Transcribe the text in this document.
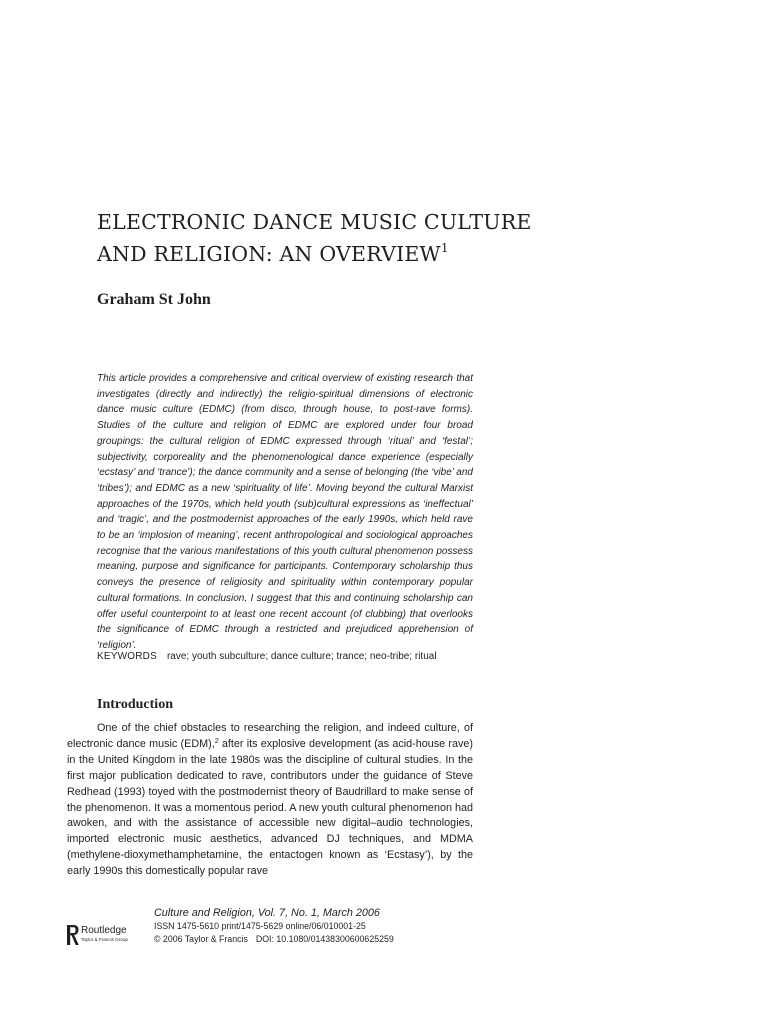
ELECTRONIC DANCE MUSIC CULTURE
AND RELIGION: AN OVERVIEW$^1$

Graham St John

This article provides a comprehensive and critical overview of existing research that investigates (directly and indirectly) the religio-spiritual dimensions of electronic dance music culture (EDMC) (from disco, through house, to post-rave forms). Studies of the culture and religion of EDMC are explored under four broad groupings: the cultural religion of EDMC expressed through ‘ritual’ and ‘festal’; subjectivity, corporeality and the phenomenological dance experience (especially ‘ecstasy’ and ‘trance’); the dance community and a sense of belonging (the ‘vibe’ and ‘tribes’); and EDMC as a new ‘spirituality of life’. Moving beyond the cultural Marxist approaches of the 1970s, which held youth (sub)cultural expressions as ‘ineffectual’ and ‘tragic’, and the postmodernist approaches of the early 1990s, which held rave to be an ‘implosion of meaning’, recent anthropological and sociological approaches recognise that the various manifestations of this youth cultural phenomenon possess meaning, purpose and significance for participants. Contemporary scholarship thus conveys the presence of religiosity and spirituality within contemporary popular cultural formations. In conclusion, I suggest that this and continuing scholarship can offer useful counterpoint to at least one recent account (of clubbing) that overlooks the significance of EDMC through a restricted and prejudiced apprehension of ‘religion’.

KEYWORDS rave; youth subculture; dance culture; trance; neo-tribe; ritual

Introduction

One of the chief obstacles to researching the religion, and indeed culture, of electronic dance music (EDM),$^2$ after its explosive development (as acid-house rave) in the United Kingdom in the late 1980s was the discipline of cultural studies. In the first major publication dedicated to rave, contributors under the guidance of Steve Redhead (1993) toyed with the postmodernist theory of Baudrillard to make sense of the phenomenon. It was a momentous period. A new youth cultural phenomenon had awoken, and with the assistance of accessible new digital–audio technologies, imported electronic music aesthetics, advanced DJ techniques, and MDMA (methylene-dioxymethamphetamine, the entactogen known as ‘Ecstasy’), by the early 1990s this domestically popular rave

Routledge
Taylor & Francis Group

Culture and Religion, Vol. 7, No. 1, March 2006

ISSN 1475-5610 print/1475-5629 online/06/010001-25

© 2006 Taylor & Francis DOI: 10.1080/01438300600625259
